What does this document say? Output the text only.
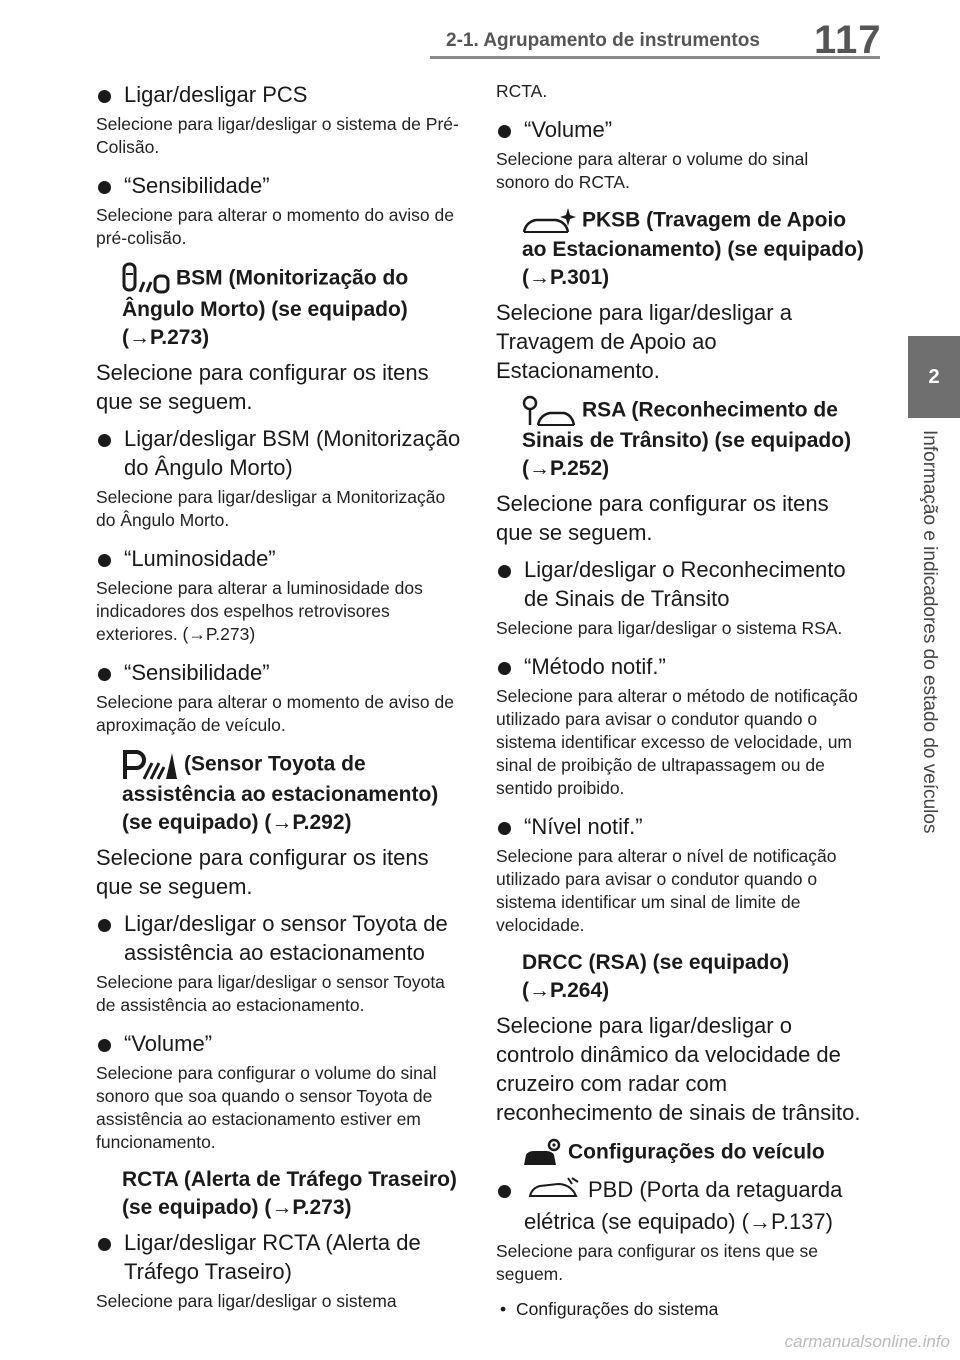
2-1. Agrupamento de instrumentos 117
2
Informação e indicadores do estado do veículos
Ligar/desligar PCS
Selecione para ligar/desligar o sistema de Pré-Colisão.
“Sensibilidade”
Selecione para alterar o momento do aviso de pré-colisão.
BSM (Monitorização do Ângulo Morto) (se equipado) (→P.273)
Selecione para configurar os itens que se seguem.
Ligar/desligar BSM (Monitorização do Ângulo Morto)
Selecione para ligar/desligar a Monitorização do Ângulo Morto.
“Luminosidade”
Selecione para alterar a luminosidade dos indicadores dos espelhos retrovisores exteriores. (→P.273)
“Sensibilidade”
Selecione para alterar o momento de aviso de aproximação de veículo.
(Sensor Toyota de assistência ao estacionamento) (se equipado) (→P.292)
Selecione para configurar os itens que se seguem.
Ligar/desligar o sensor Toyota de assistência ao estacionamento
Selecione para ligar/desligar o sensor Toyota de assistência ao estacionamento.
“Volume”
Selecione para configurar o volume do sinal sonoro que soa quando o sensor Toyota de assistência ao estacionamento estiver em funcionamento.
RCTA (Alerta de Tráfego Traseiro) (se equipado) (→P.273)
Ligar/desligar RCTA (Alerta de Tráfego Traseiro)
Selecione para ligar/desligar o sistema
RCTA.
“Volume”
Selecione para alterar o volume do sinal sonoro do RCTA.
PKSB (Travagem de Apoio ao Estacionamento) (se equipado) (→P.301)
Selecione para ligar/desligar a Travagem de Apoio ao Estacionamento.
RSA (Reconhecimento de Sinais de Trânsito) (se equipado) (→P.252)
Selecione para configurar os itens que se seguem.
Ligar/desligar o Reconhecimento de Sinais de Trânsito
Selecione para ligar/desligar o sistema RSA.
“Método notif.”
Selecione para alterar o método de notificação utilizado para avisar o condutor quando o sistema identificar excesso de velocidade, um sinal de proibição de ultrapassagem ou de sentido proibido.
“Nível notif.”
Selecione para alterar o nível de notificação utilizado para avisar o condutor quando o sistema identificar um sinal de limite de velocidade.
DRCC (RSA) (se equipado) (→P.264)
Selecione para ligar/desligar o controlo dinâmico da velocidade de cruzeiro com radar com reconhecimento de sinais de trânsito.
Configurações do veículo
PBD (Porta da retaguarda elétrica (se equipado) (→P.137)
Selecione para configurar os itens que se seguem.
• Configurações do sistema
carmanualsonline.info
